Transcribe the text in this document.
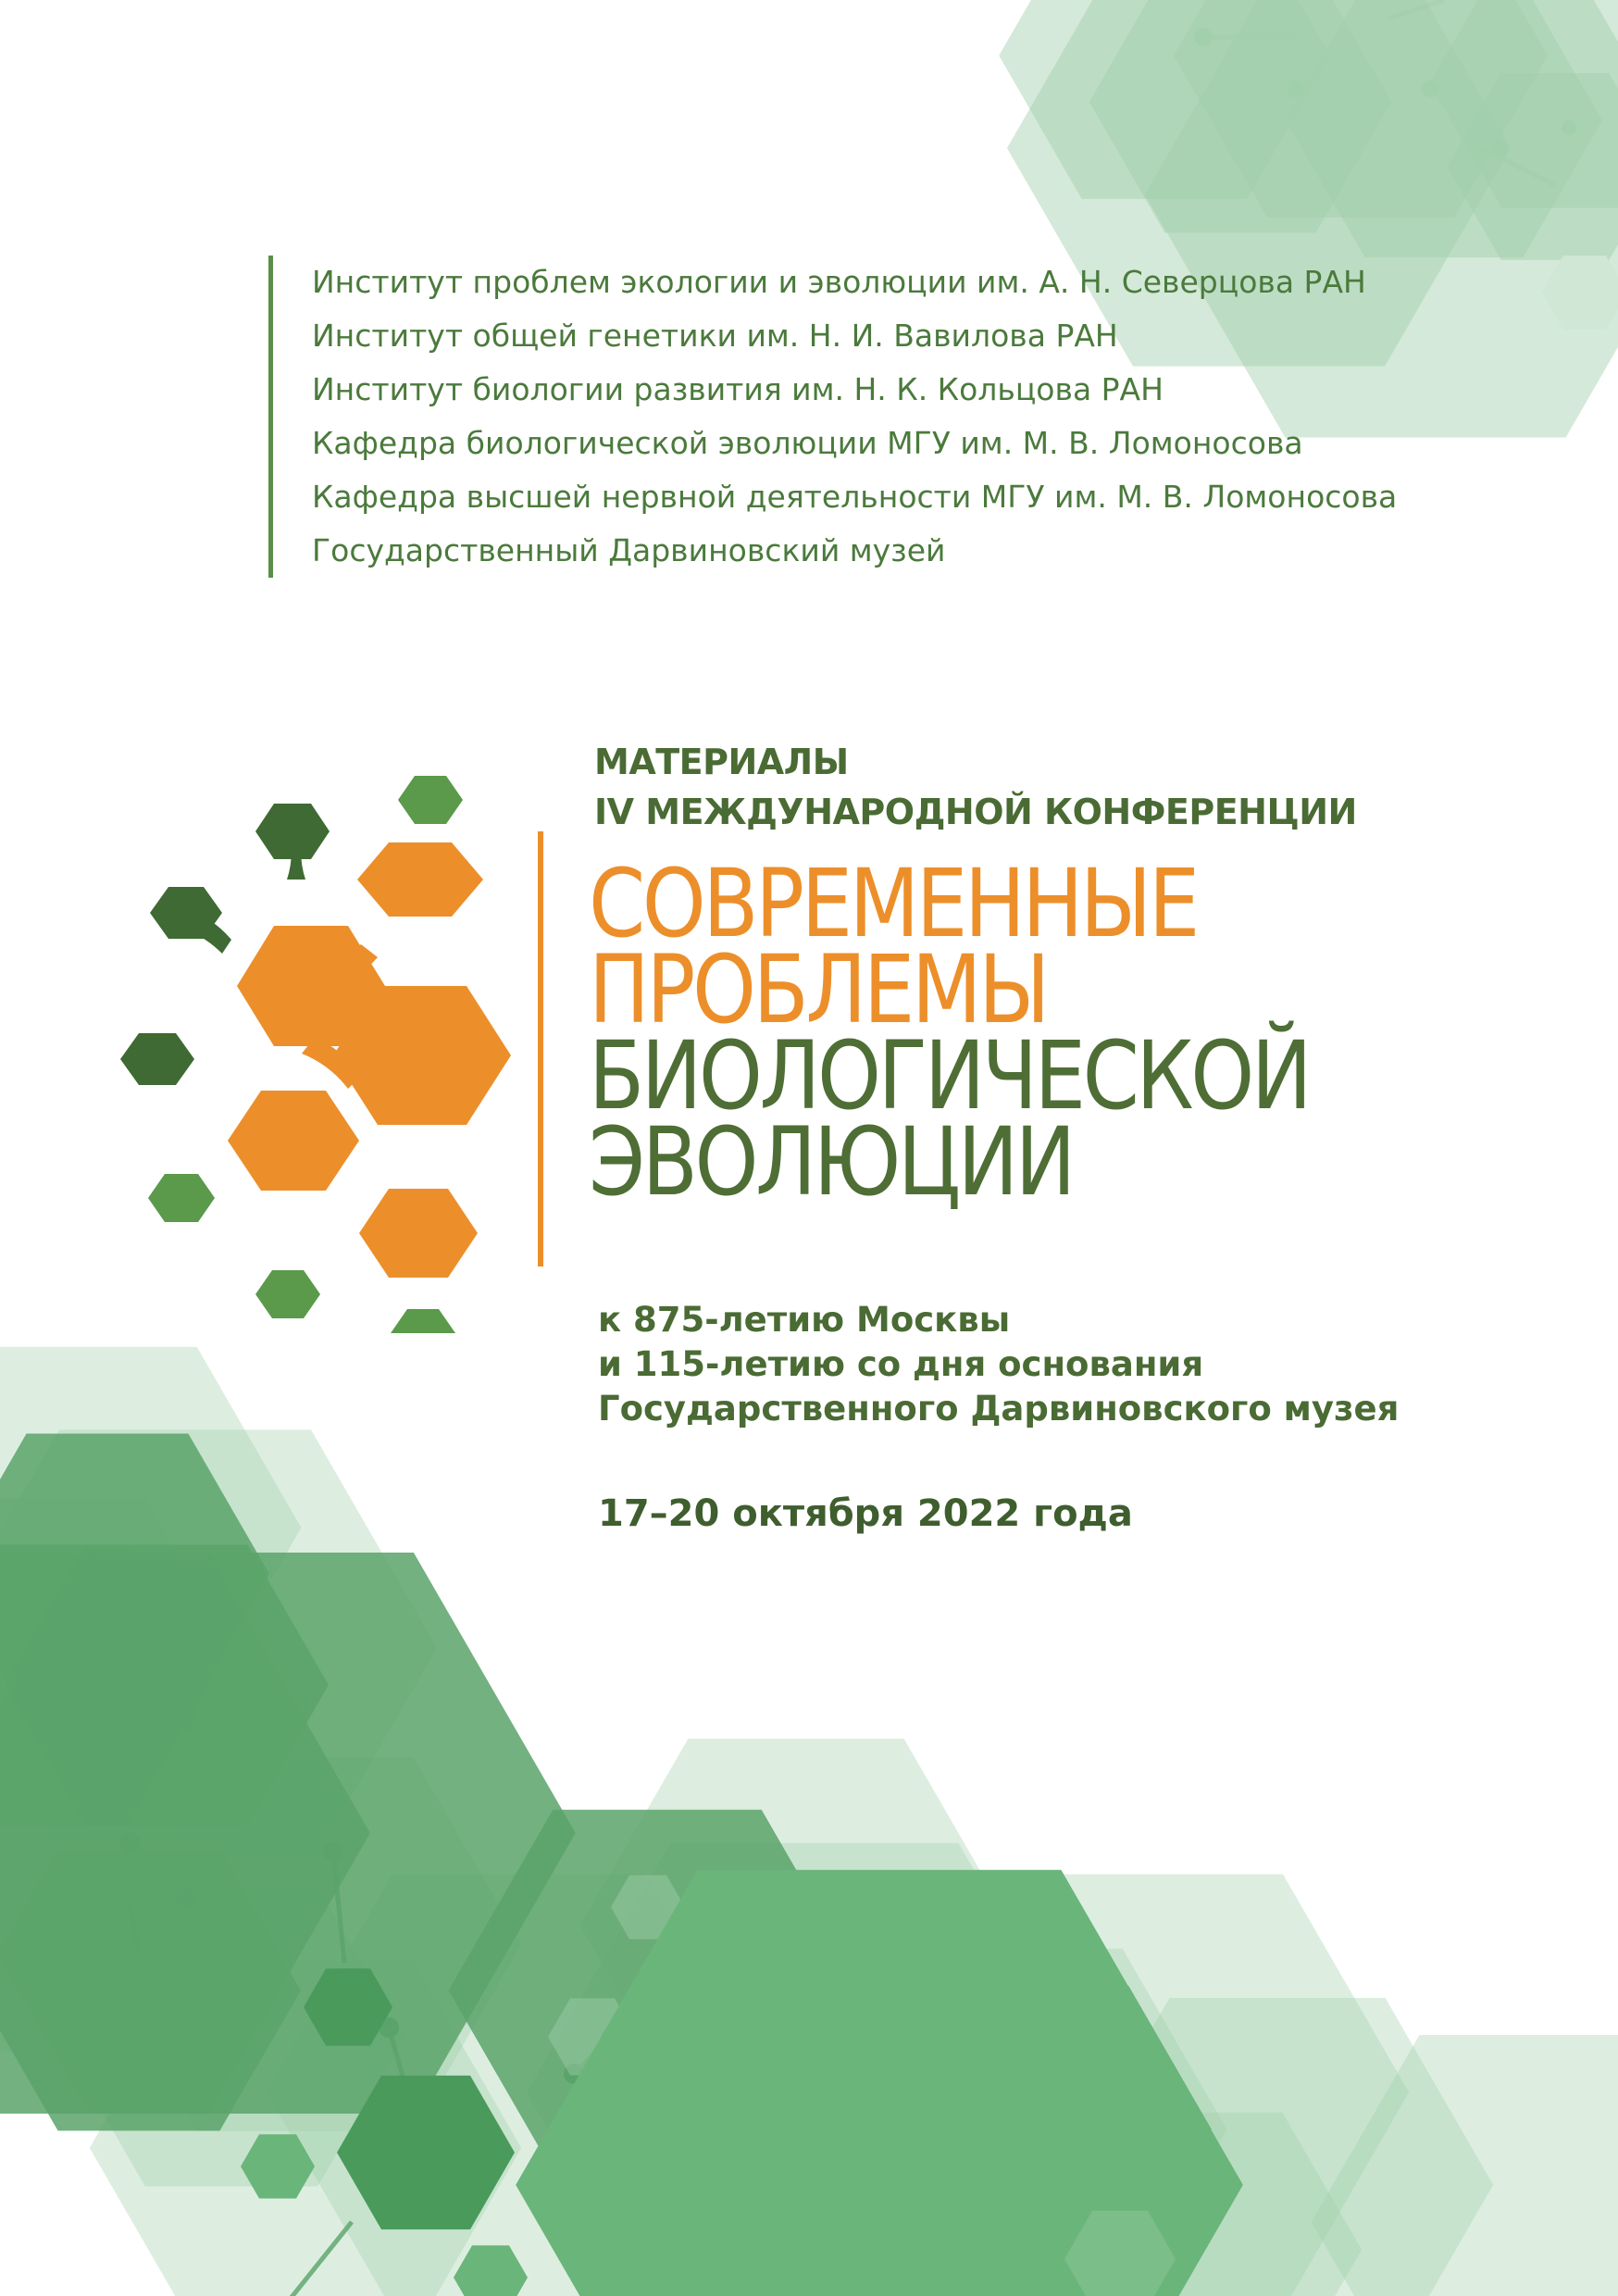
Институт проблем экологии и эволюции им. А. Н. Северцова РАН
Институт общей генетики им. Н. И. Вавилова РАН
Институт биологии развития им. Н. К. Кольцова РАН
Кафедра биологической эволюции МГУ им. М. В. Ломоносова
Кафедра высшей нервной деятельности МГУ им. М. В. Ломоносова
Государственный Дарвиновский музей
МАТЕРИАЛЫ
IV МЕЖДУНАРОДНОЙ КОНФЕРЕНЦИИ
СОВРЕМЕННЫЕ
ПРОБЛЕМЫ
БИОЛОГИЧЕСКОЙ
ЭВОЛЮЦИИ
к 875-летию Москвы
и 115-летию со дня основания
Государственного Дарвиновского музея
17–20 октября 2022 года
